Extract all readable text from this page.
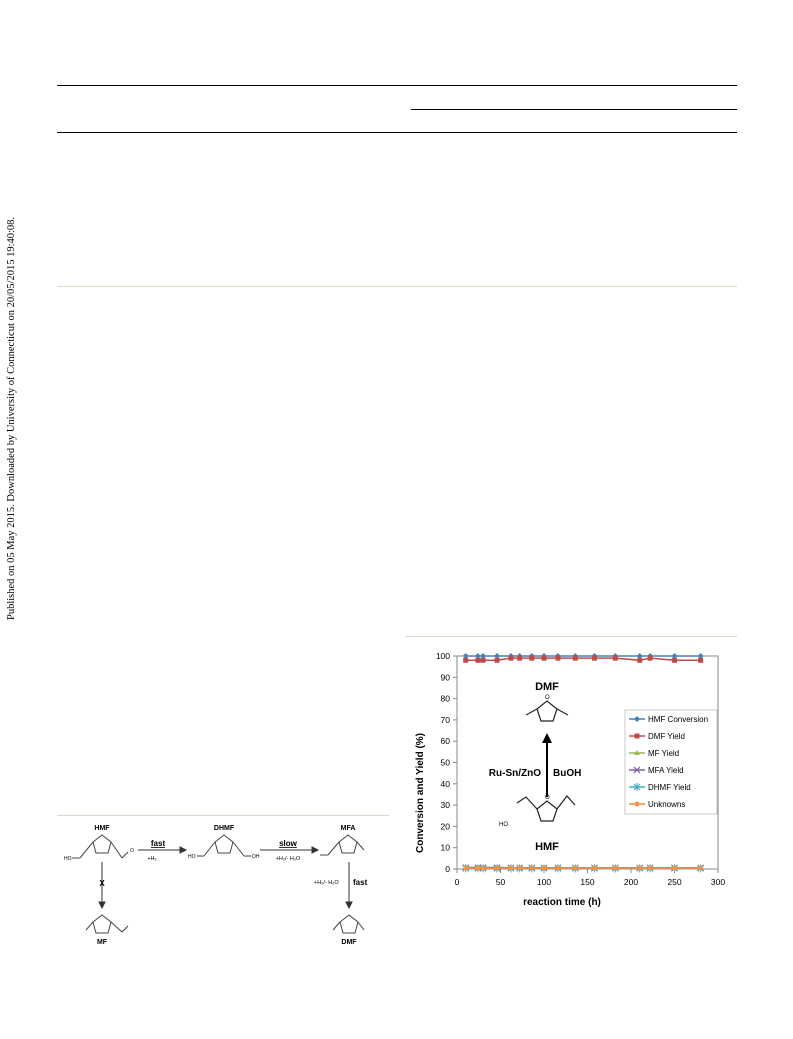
Published on 05 May 2015. Downloaded by University of Connecticut on 20/05/2015 19:40:08.
HMF	DHMF	MFA
MF	DMF
HO	HO	OH
O
fast
+H₂
slow
+H₂/- H₂O
+H₂/- H₂O fast
X
Conversion and Yield (%)
reaction time (h)
0
10
20
30
40
50
60
70
80
90
100
0	50	100	150	200	250	300
HMF Conversion
DMF Yield
MF Yield
MFA Yield
DHMF Yield
Unknowns
DMF
HMF
HO
O
O
Ru-Sn/ZnO BuOH
